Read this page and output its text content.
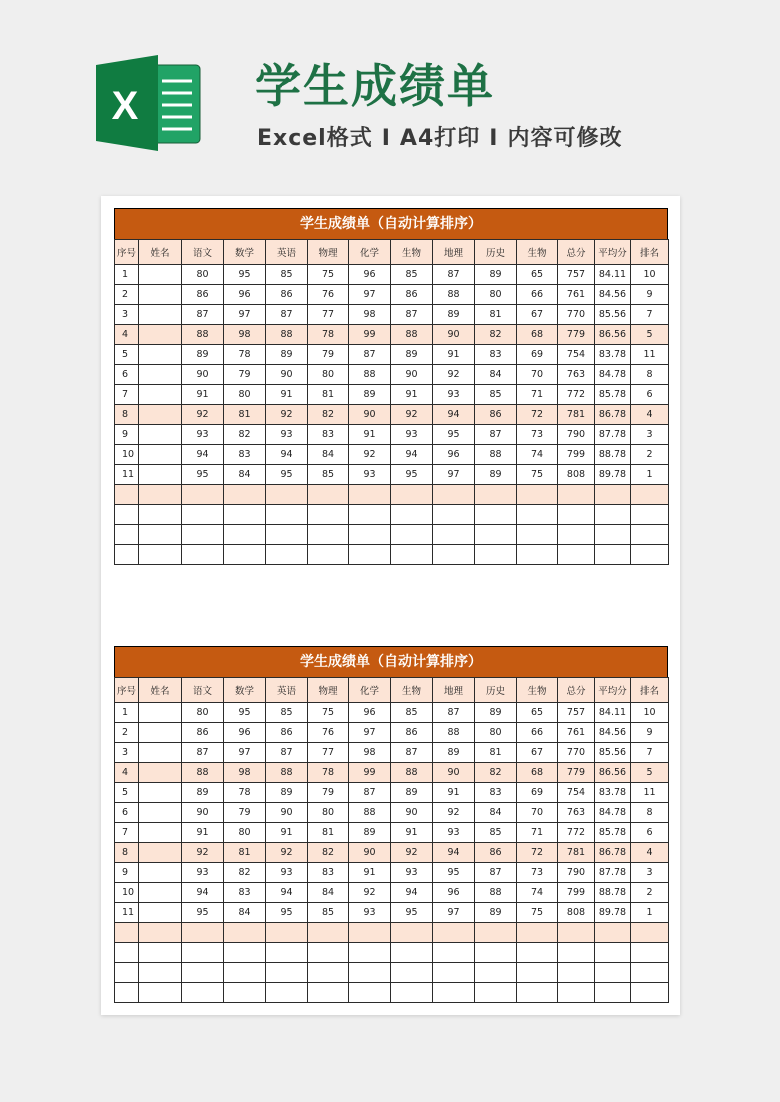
X	学生成绩单
Excel格式 I A4打印 I 内容可修改
学生成绩单（自动计算排序）
序号	姓名	语文	数学	英语	物理	化学	生物	地理	历史	生物	总分	平均分	排名
1		80	95	85	75	96	85	87	89	65	757	84.11	10
2		86	96	86	76	97	86	88	80	66	761	84.56	9
3		87	97	87	77	98	87	89	81	67	770	85.56	7
4		88	98	88	78	99	88	90	82	68	779	86.56	5
5		89	78	89	79	87	89	91	83	69	754	83.78	11
6		90	79	90	80	88	90	92	84	70	763	84.78	8
7		91	80	91	81	89	91	93	85	71	772	85.78	6
8		92	81	92	82	90	92	94	86	72	781	86.78	4
9		93	82	93	83	91	93	95	87	73	790	87.78	3
10		94	83	94	84	92	94	96	88	74	799	88.78	2
11		95	84	95	85	93	95	97	89	75	808	89.78	1

学生成绩单（自动计算排序）
序号	姓名	语文	数学	英语	物理	化学	生物	地理	历史	生物	总分	平均分	排名
1		80	95	85	75	96	85	87	89	65	757	84.11	10
2		86	96	86	76	97	86	88	80	66	761	84.56	9
3		87	97	87	77	98	87	89	81	67	770	85.56	7
4		88	98	88	78	99	88	90	82	68	779	86.56	5
5		89	78	89	79	87	89	91	83	69	754	83.78	11
6		90	79	90	80	88	90	92	84	70	763	84.78	8
7		91	80	91	81	89	91	93	85	71	772	85.78	6
8		92	81	92	82	90	92	94	86	72	781	86.78	4
9		93	82	93	83	91	93	95	87	73	790	87.78	3
10		94	83	94	84	92	94	96	88	74	799	88.78	2
11		95	84	95	85	93	95	97	89	75	808	89.78	1
